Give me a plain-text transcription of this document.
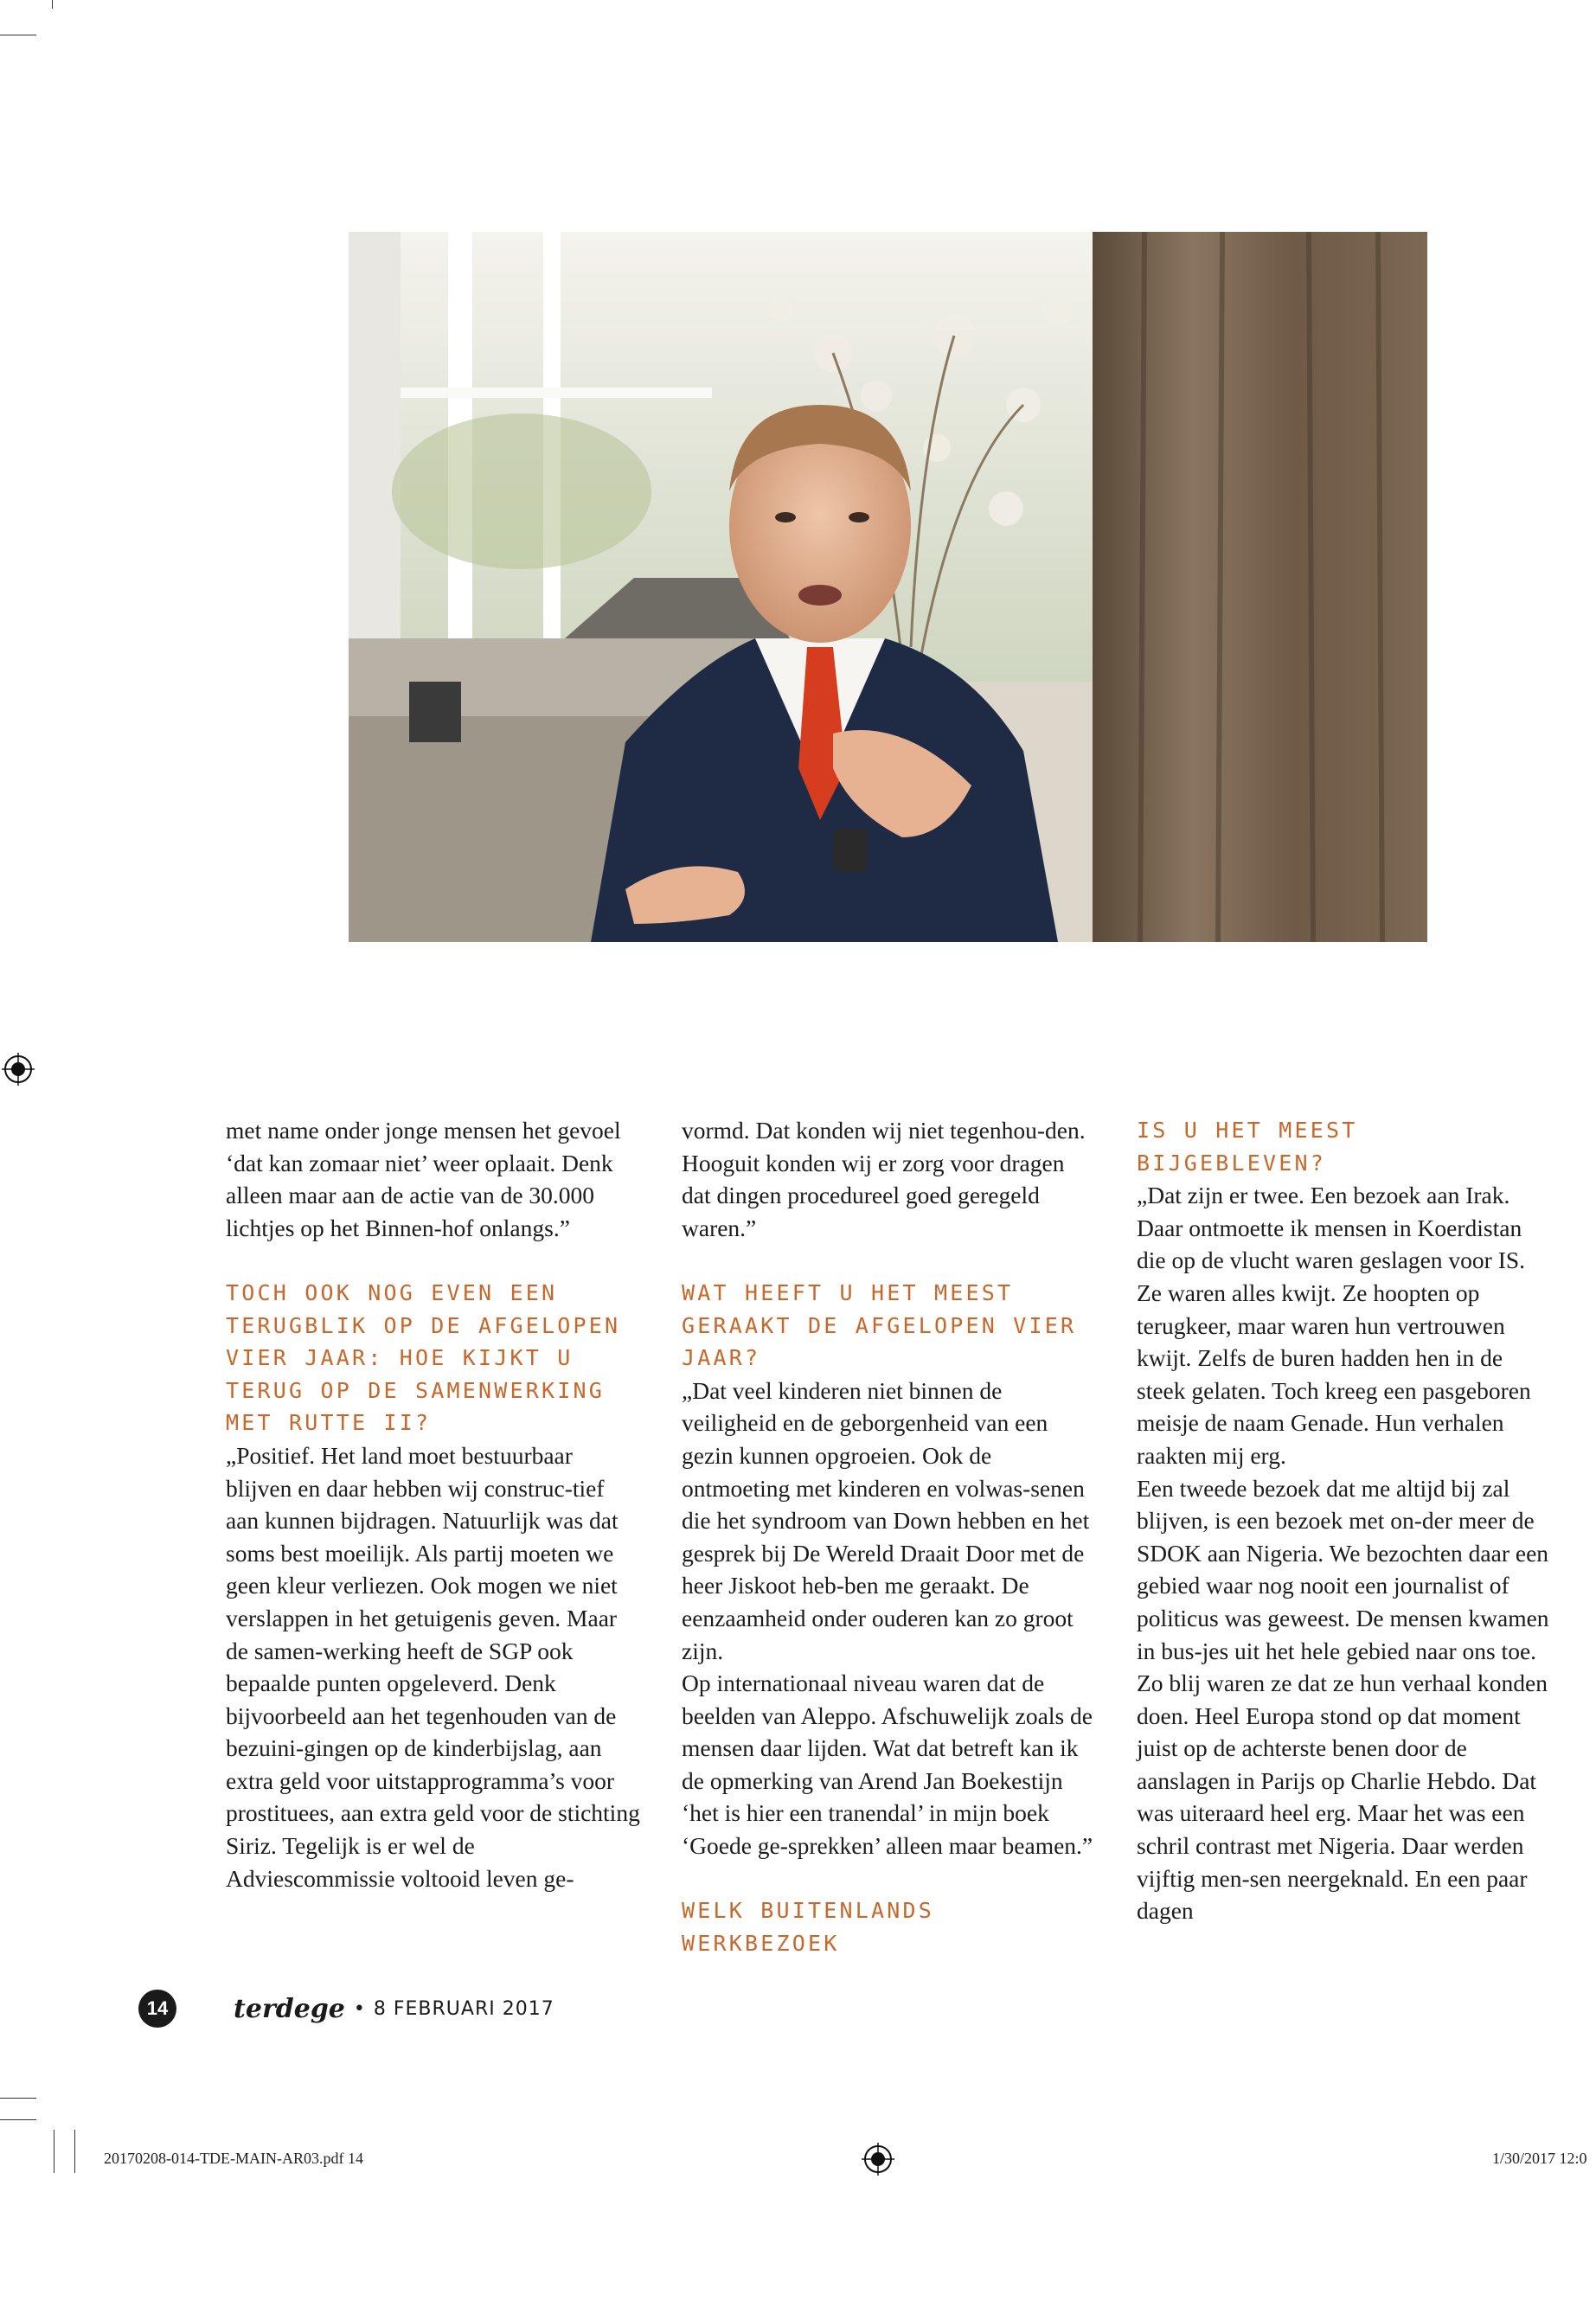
met name onder jonge mensen het gevoel ‘dat kan zomaar niet’ weer oplaait. Denk alleen maar aan de actie van de 30.000 lichtjes op het Binnen-hof onlangs.”

TOCH OOK NOG EVEN EEN TERUGBLIK OP DE AFGELOPEN VIER JAAR: HOE KIJKT U TERUG OP DE SAMENWERKING MET RUTTE II?

„Positief. Het land moet bestuurbaar blijven en daar hebben wij construc-tief aan kunnen bijdragen. Natuurlijk was dat soms best moeilijk. Als partij moeten we geen kleur verliezen. Ook mogen we niet verslappen in het getuigenis geven. Maar de samen-werking heeft de SGP ook bepaalde punten opgeleverd. Denk bijvoorbeeld aan het tegenhouden van de bezuini-gingen op de kinderbijslag, aan extra geld voor uitstapprogramma’s voor prostituees, aan extra geld voor de stichting Siriz. Tegelijk is er wel de Adviescommissie voltooid leven ge-

vormd. Dat konden wij niet tegenhou-den. Hooguit konden wij er zorg voor dragen dat dingen procedureel goed geregeld waren.”

WAT HEEFT U HET MEEST GERAAKT DE AFGELOPEN VIER JAAR?

„Dat veel kinderen niet binnen de veiligheid en de geborgenheid van een gezin kunnen opgroeien. Ook de ontmoeting met kinderen en volwas-senen die het syndroom van Down hebben en het gesprek bij De Wereld Draait Door met de heer Jiskoot heb-ben me geraakt. De eenzaamheid onder ouderen kan zo groot zijn.

Op internationaal niveau waren dat de beelden van Aleppo. Afschuwelijk zoals de mensen daar lijden. Wat dat betreft kan ik de opmerking van Arend Jan Boekestijn ‘het is hier een tranendal’ in mijn boek ‘Goede ge-sprekken’ alleen maar beamen.”

WELK BUITENLANDS WERKBEZOEK

IS U HET MEEST BIJGEBLEVEN?

„Dat zijn er twee. Een bezoek aan Irak. Daar ontmoette ik mensen in Koerdistan die op de vlucht waren geslagen voor IS. Ze waren alles kwijt. Ze hoopten op terugkeer, maar waren hun vertrouwen kwijt. Zelfs de buren hadden hen in de steek gelaten. Toch kreeg een pasgeboren meisje de naam Genade. Hun verhalen raakten mij erg.

Een tweede bezoek dat me altijd bij zal blijven, is een bezoek met on-der meer de SDOK aan Nigeria. We bezochten daar een gebied waar nog nooit een journalist of politicus was geweest. De mensen kwamen in bus-jes uit het hele gebied naar ons toe. Zo blij waren ze dat ze hun verhaal konden doen. Heel Europa stond op dat moment juist op de achterste benen door de aanslagen in Parijs op Charlie Hebdo. Dat was uiteraard heel erg. Maar het was een schril contrast met Nigeria. Daar werden vijftig men-sen neergeknald. En een paar dagen

14	terdege • 8 FEBRUARI 2017
20170208-014-TDE-MAIN-AR03.pdf 14	1/30/2017 12:0
